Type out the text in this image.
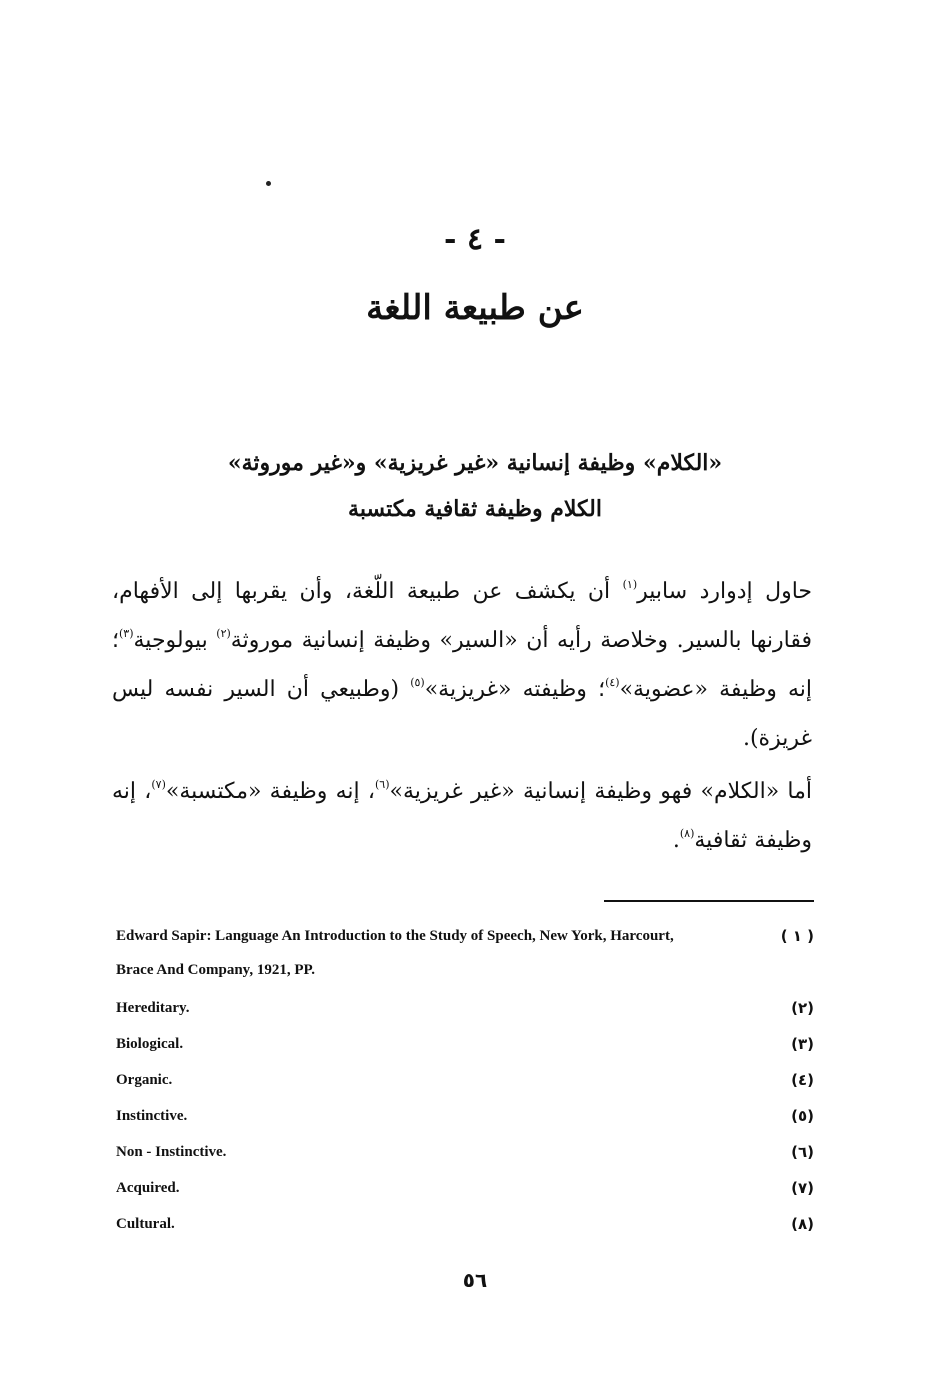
- ٤ -
عن طبيعة اللغة
«الكلام» وظيفة إنسانية «غير غريزية» و«غير موروثة»
الكلام وظيفة ثقافية مكتسبة

حاول إدوارد سابير$^{(١)}$ أن يكشف عن طبيعة اللّغة، وأن يقربها إلى الأفهام، فقارنها بالسير. وخلاصة رأيه أن «السير» وظيفة إنسانية موروثة$^{(٢)}$ بيولوجية$^{(٣)}$؛ إنه وظيفة «عضوية»$^{(٤)}$؛ وظيفته «غريزية»$^{(٥)}$ (وطبيعي أن السير نفسه ليس غريزة).

أما «الكلام» فهو وظيفة إنسانية «غير غريزية»$^{(٦)}$، إنه وظيفة «مكتسبة»$^{(٧)}$، إنه وظيفة ثقافية$^{(٨)}$.

Edward Sapir: Language An Introduction to the Study of Speech, New York, Harcourt,	( ١ )
Brace And Company, 1921, PP.
Hereditary.	(٢)
Biological.	(٣)
Organic.	(٤)
Instinctive.	(٥)
Non - Instinctive.	(٦)
Acquired.	(٧)
Cultural.	(٨)
٥٦
